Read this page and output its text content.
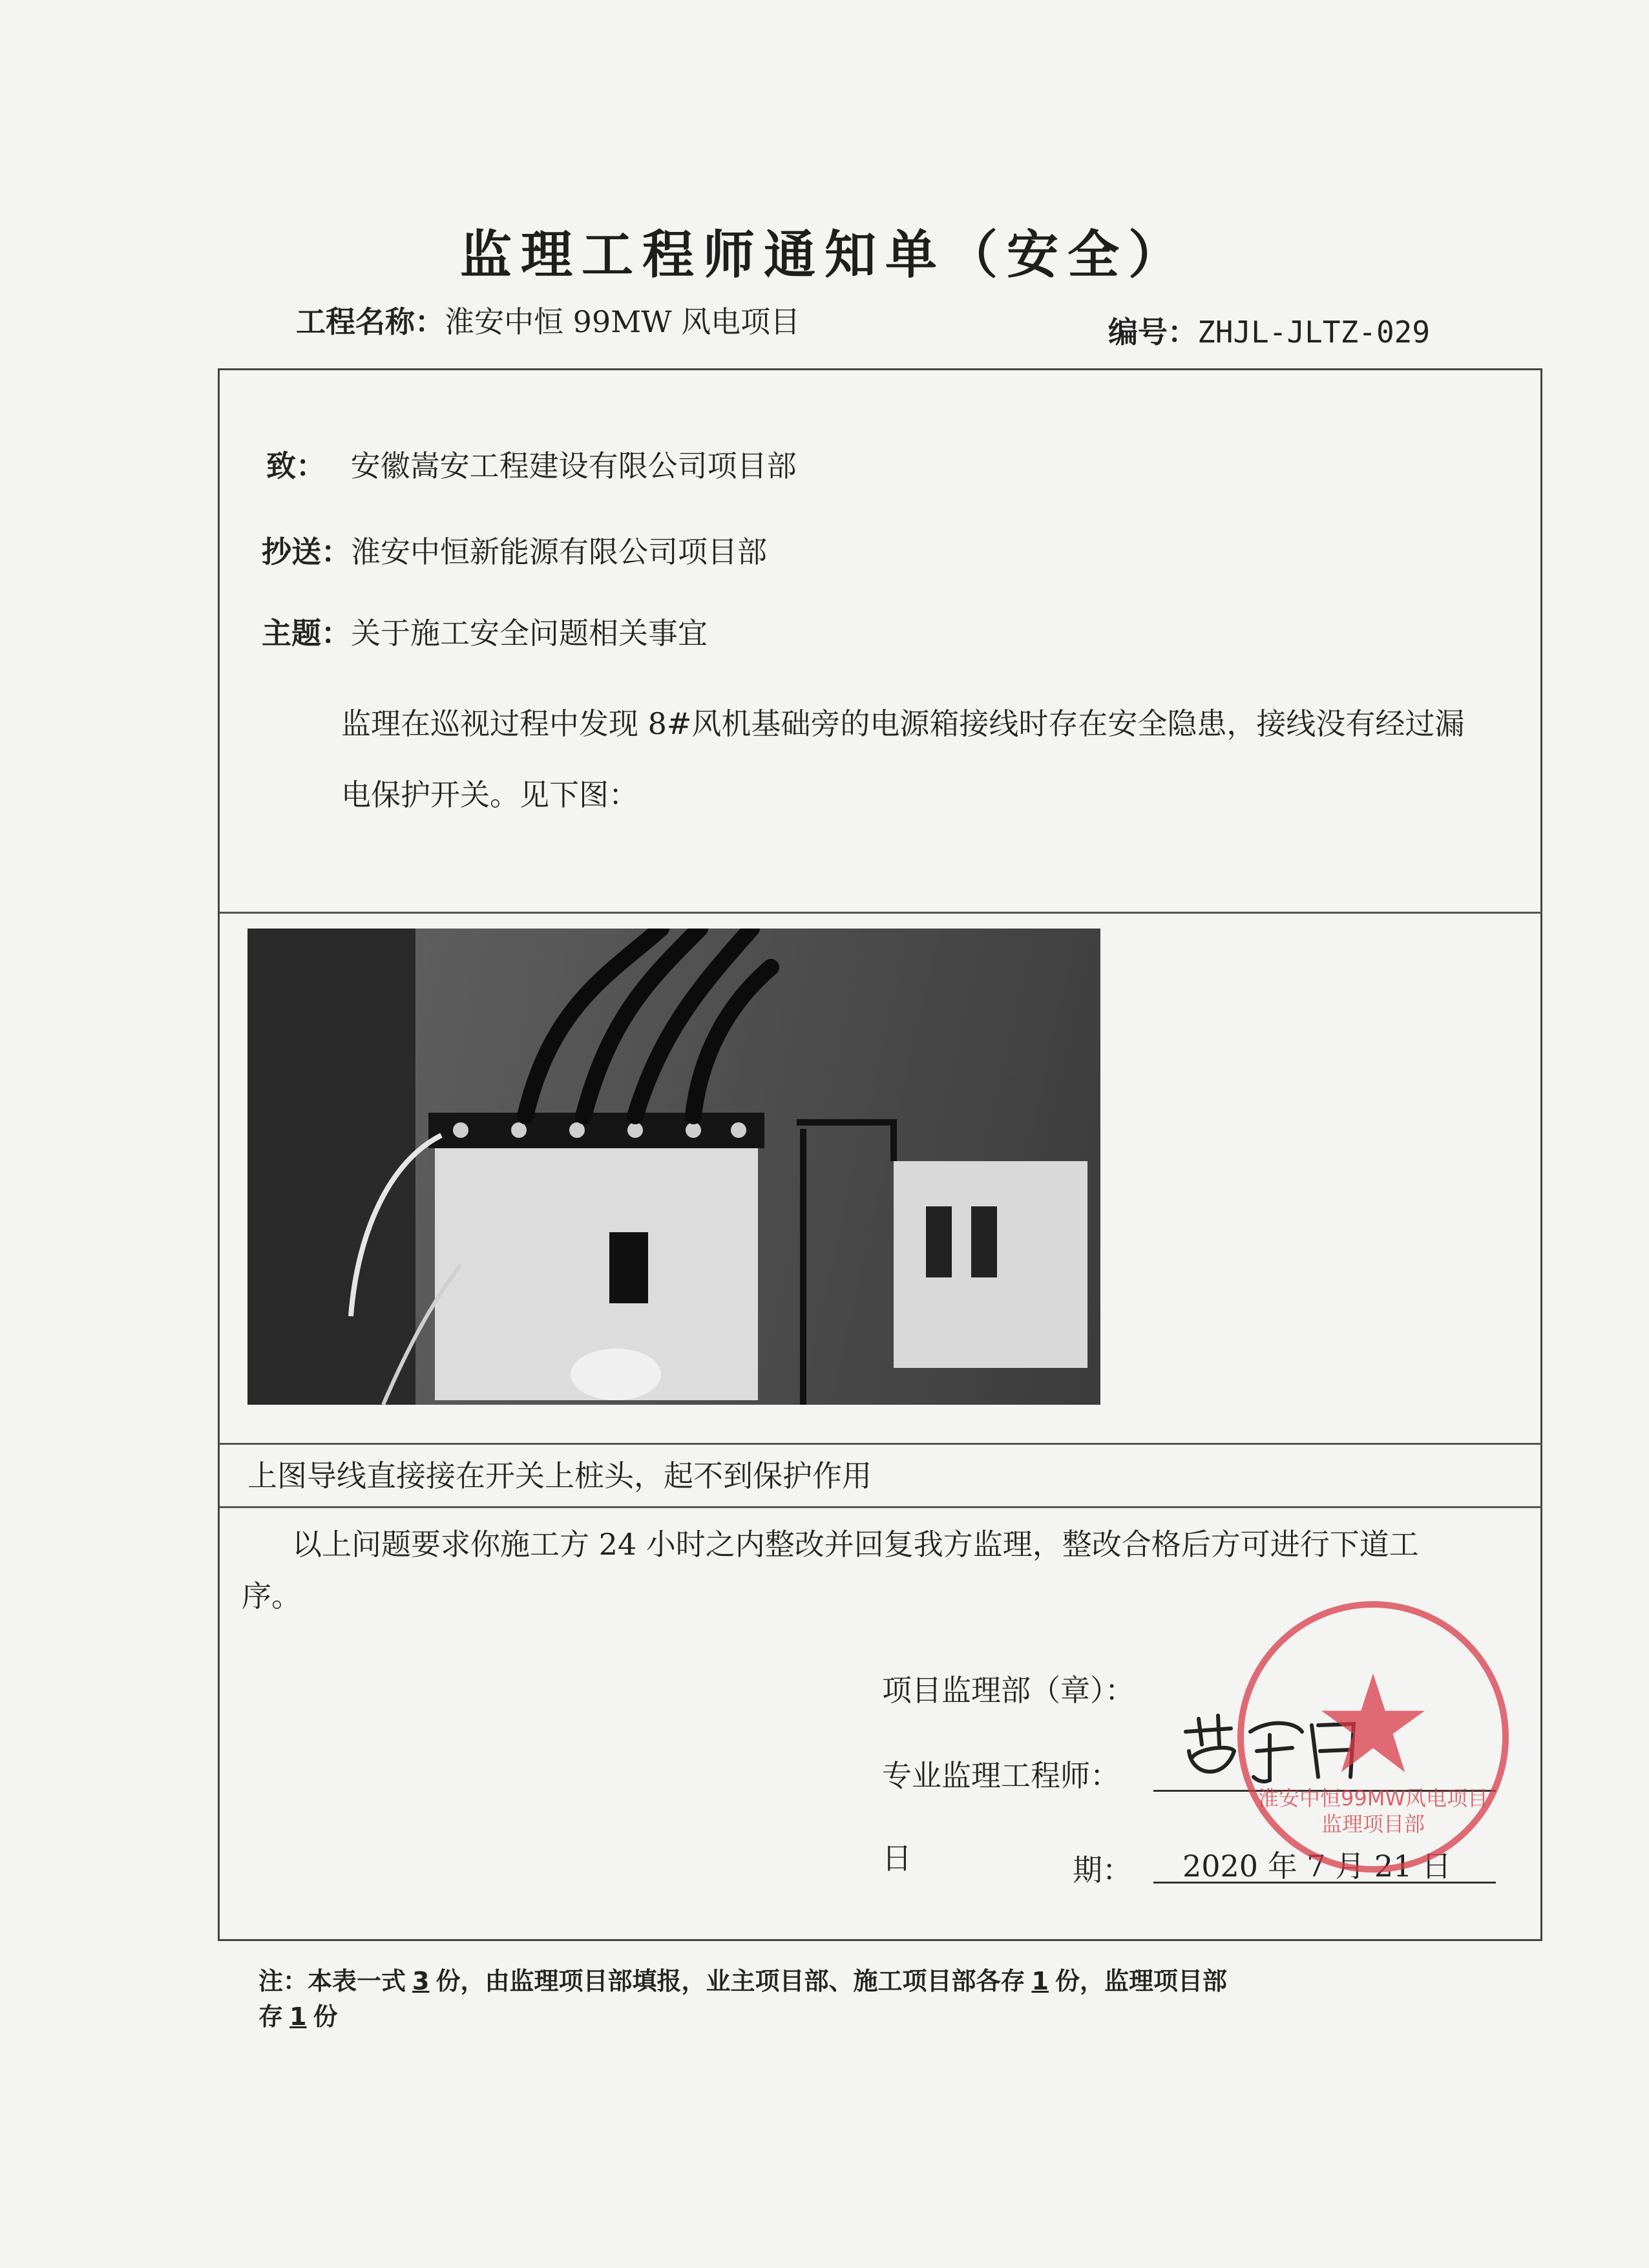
监理工程师通知单（安全）
工程名称：淮安中恒 99MW 风电项目	编号：ZHJL-JLTZ-029
致： 安徽嵩安工程建设有限公司项目部
抄送：淮安中恒新能源有限公司项目部
主题：关于施工安全问题相关事宜
监理在巡视过程中发现 8#风机基础旁的电源箱接线时存在安全隐患，接线没有经过漏
电保护开关。见下图：
上图导线直接接在开关上桩头，起不到保护作用
以上问题要求你施工方 24 小时之内整改并回复我方监理，整改合格后方可进行下道工
序。
项目监理部（章）：
专业监理工程师：
日	期： 2020 年 7 月 21 日
淮安中恒99MW风电项目
监理项目部
注：本表一式 3 份，由监理项目部填报，业主项目部、施工项目部各存 1 份，监理项目部
存 1 份
